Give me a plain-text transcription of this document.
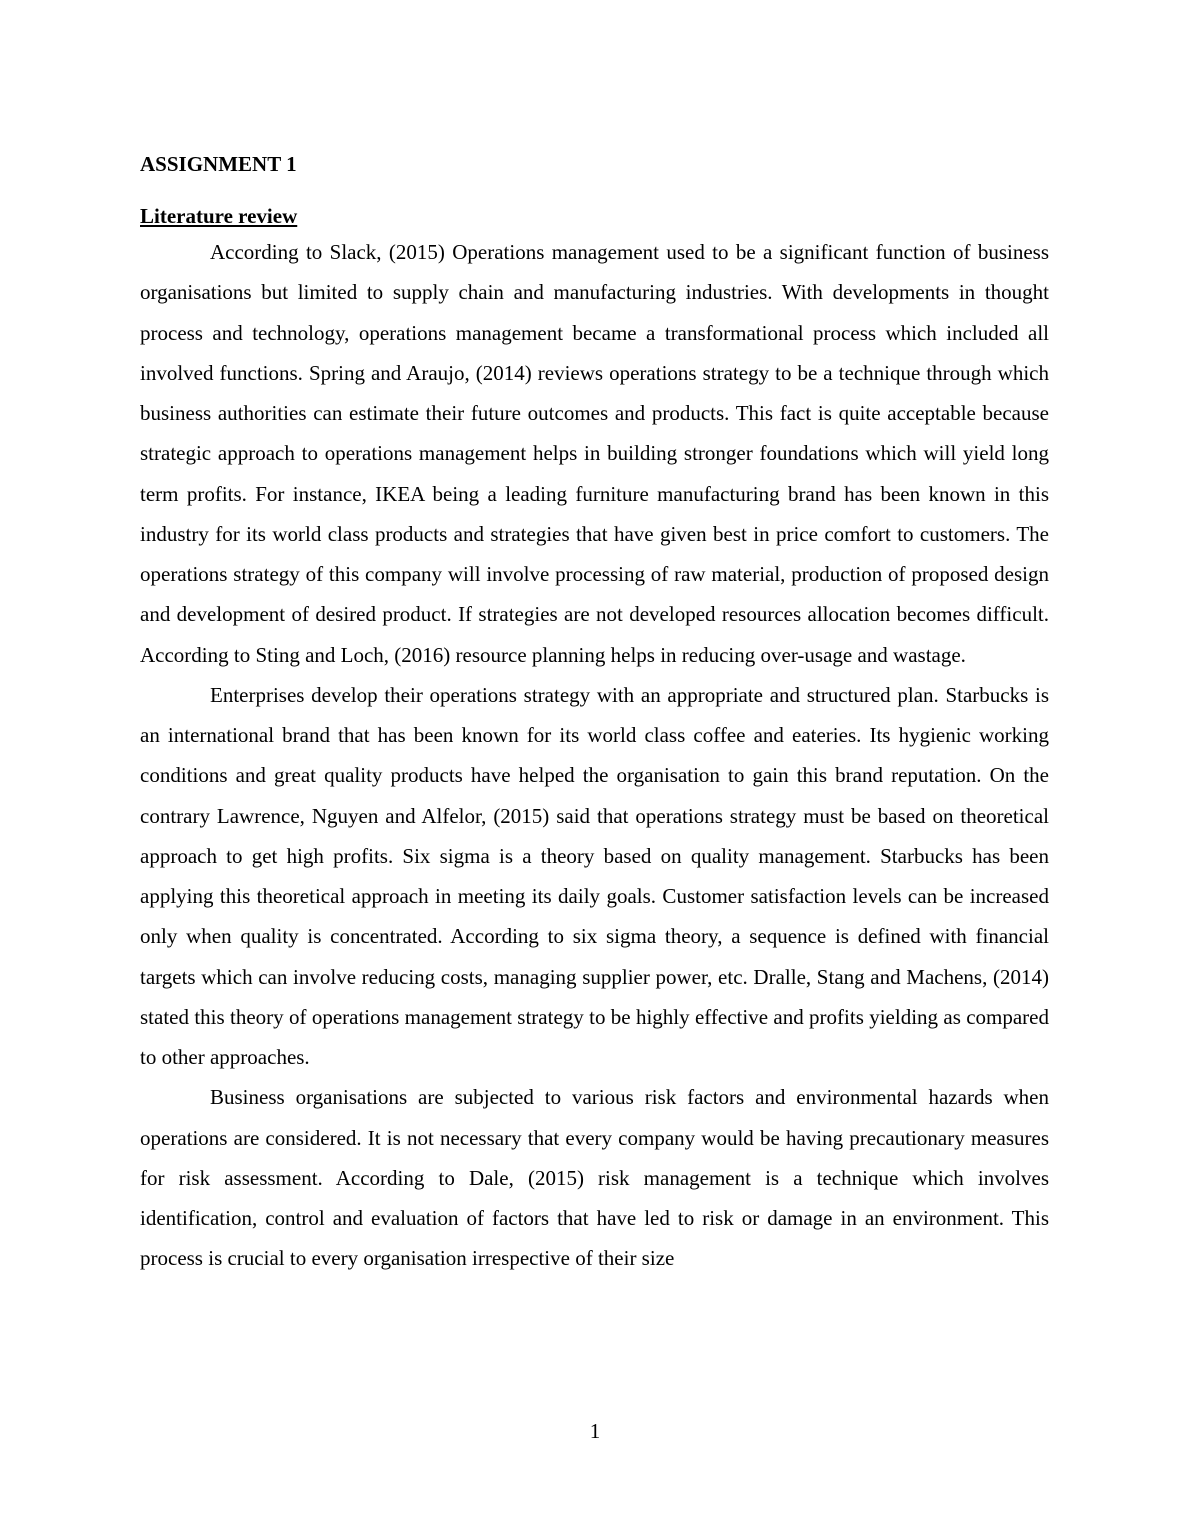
ASSIGNMENT 1
Literature review

According to Slack, (2015) Operations management used to be a significant function of business organisations but limited to supply chain and manufacturing industries. With developments in thought process and technology, operations management became a transformational process which included all involved functions. Spring and Araujo, (2014) reviews operations strategy to be a technique through which business authorities can estimate their future outcomes and products. This fact is quite acceptable because strategic approach to operations management helps in building stronger foundations which will yield long term profits. For instance, IKEA being a leading furniture manufacturing brand has been known in this industry for its world class products and strategies that have given best in price comfort to customers. The operations strategy of this company will involve processing of raw material, production of proposed design and development of desired product. If strategies are not developed resources allocation becomes difficult. According to Sting and Loch, (2016) resource planning helps in reducing over-usage and wastage.

Enterprises develop their operations strategy with an appropriate and structured plan. Starbucks is an international brand that has been known for its world class coffee and eateries. Its hygienic working conditions and great quality products have helped the organisation to gain this brand reputation. On the contrary Lawrence, Nguyen and Alfelor, (2015) said that operations strategy must be based on theoretical approach to get high profits. Six sigma is a theory based on quality management. Starbucks has been applying this theoretical approach in meeting its daily goals. Customer satisfaction levels can be increased only when quality is concentrated. According to six sigma theory, a sequence is defined with financial targets which can involve reducing costs, managing supplier power, etc. Dralle, Stang and Machens, (2014) stated this theory of operations management strategy to be highly effective and profits yielding as compared to other approaches.

Business organisations are subjected to various risk factors and environmental hazards when operations are considered. It is not necessary that every company would be having precautionary measures for risk assessment. According to Dale, (2015) risk management is a technique which involves identification, control and evaluation of factors that have led to risk or damage in an environment. This process is crucial to every organisation irrespective of their size

1
